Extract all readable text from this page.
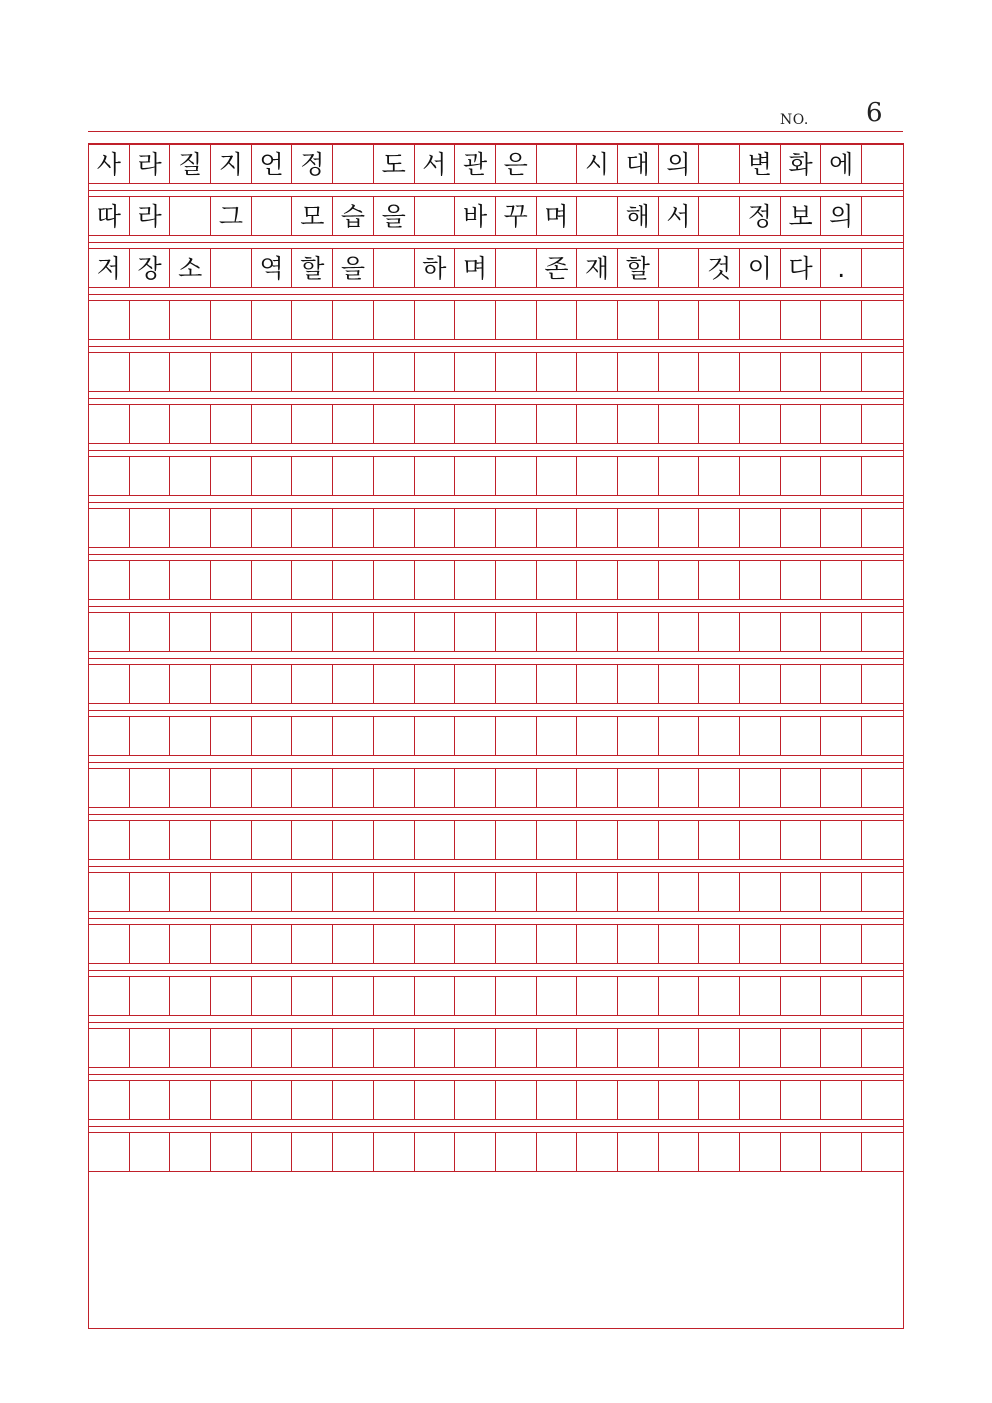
NO. 6
사 라 질 지 언 정	도 서 관 은	시 대 의	변 화 에
따 라	그	모 습 을	바 꾸 며	해 서	정 보 의
저 장 소	역 할 을	하 며	존 재 할	것 이 다 .
